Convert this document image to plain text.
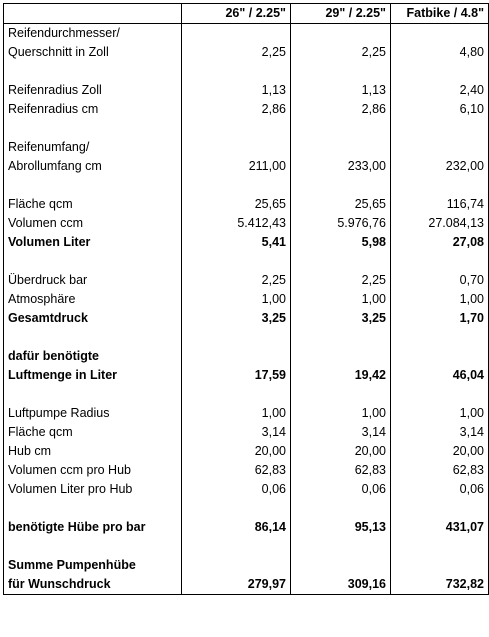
	26" / 2.25"	29" / 2.25"	Fatbike / 4.8"
Reifendurchmesser/			
Querschnitt in Zoll	2,25	2,25	4,80

Reifenradius Zoll	1,13	1,13	2,40
Reifenradius cm	2,86	2,86	6,10

Reifenumfang/			
Abrollumfang cm	211,00	233,00	232,00

Fläche qcm	25,65	25,65	116,74
Volumen ccm	5.412,43	5.976,76	27.084,13
Volumen Liter	5,41	5,98	27,08

Überdruck bar	2,25	2,25	0,70
Atmosphäre	1,00	1,00	1,00
Gesamtdruck	3,25	3,25	1,70

dafür benötigte			
Luftmenge in Liter	17,59	19,42	46,04

Luftpumpe Radius	1,00	1,00	1,00
Fläche qcm	3,14	3,14	3,14
Hub cm	20,00	20,00	20,00
Volumen ccm pro Hub	62,83	62,83	62,83
Volumen Liter pro Hub	0,06	0,06	0,06

benötigte Hübe pro bar	86,14	95,13	431,07

Summe Pumpenhübe			
für Wunschdruck	279,97	309,16	732,82
